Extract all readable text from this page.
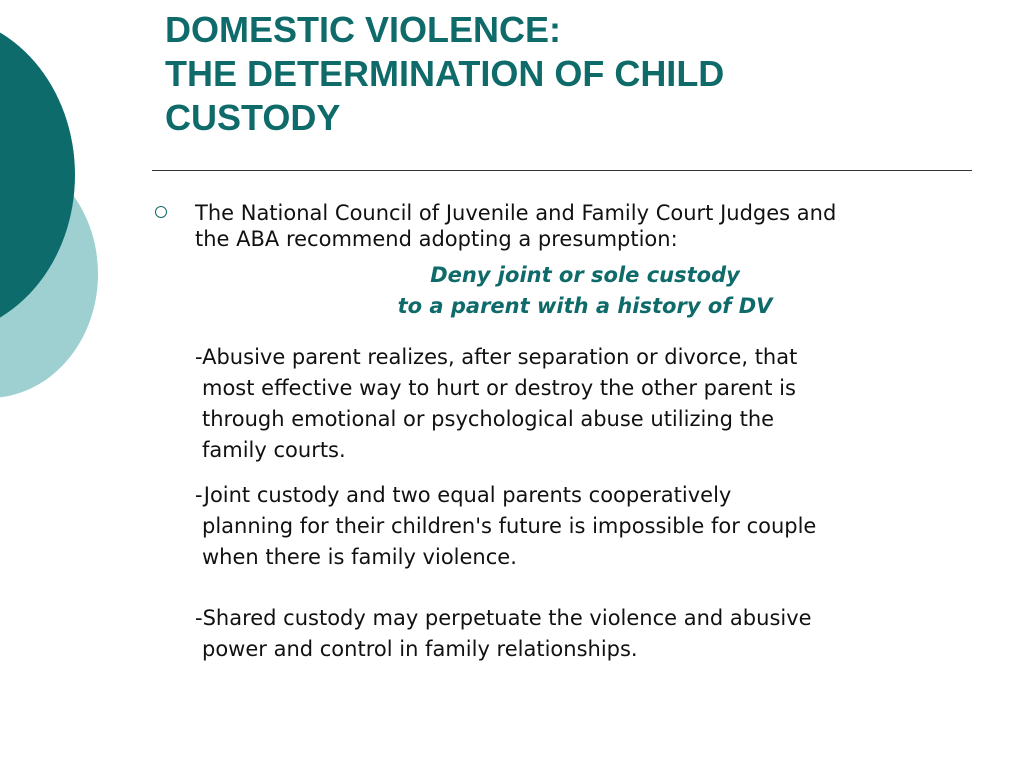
DOMESTIC VIOLENCE:
THE DETERMINATION OF CHILD
CUSTODY
The National Council of Juvenile and Family Court Judges and
the ABA recommend adopting a presumption:
Deny joint or sole custody
to a parent with a history of DV
-Abusive parent realizes, after separation or divorce, that
most effective way to hurt or destroy the other parent is
through emotional or psychological abuse utilizing the
family courts.
-Joint custody and two equal parents cooperatively
planning for their children's future is impossible for couple
when there is family violence.
-Shared custody may perpetuate the violence and abusive
power and control in family relationships.
